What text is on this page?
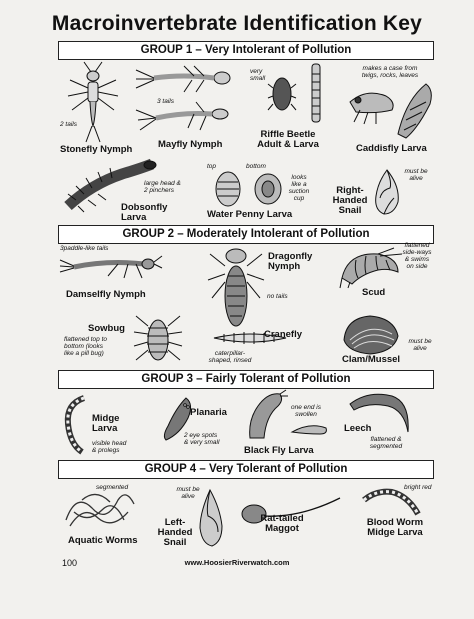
Macroinvertebrate Identification Key
GROUP 1 – Very Intolerant of Pollution
GROUP 2 – Moderately Intolerant of Pollution
GROUP 3 – Fairly Tolerant of Pollution
GROUP 4 – Very Tolerant of Pollution
2 tails
Stonefly Nymph
3 tails
Mayfly Nymph
very
small
Riffle Beetle
Adult & Larva
makes a case from
twigs, rocks, leaves
Caddisfly Larva
large head &
2 pinchers
Dobsonfly
Larva
top	bottom
looks
like a
suction
cup
Water Penny Larva
Right-
Handed
Snail
must be
alive
3paddle-like tails
Damselfly Nymph
Dragonfly
Nymph
no tails
flattened
side-ways
& swims
on side
Scud
Sowbug
flattened top to
bottom (looks
like a pill bug)
Cranefly
caterpillar-
shaped, rinsed
must be
alive
Clam/Mussel
Midge
Larva
visible head
& prolegs
Planaria
2 eye spots
& very small
one end is
swollen
Black Fly Larva
Leech
flattened &
segmented
segmented
Aquatic Worms
must be
alive
Left-
Handed
Snail
Rat-tailed
Maggot
bright red
Blood Worm
Midge Larva
100	www.HoosierRiverwatch.com
